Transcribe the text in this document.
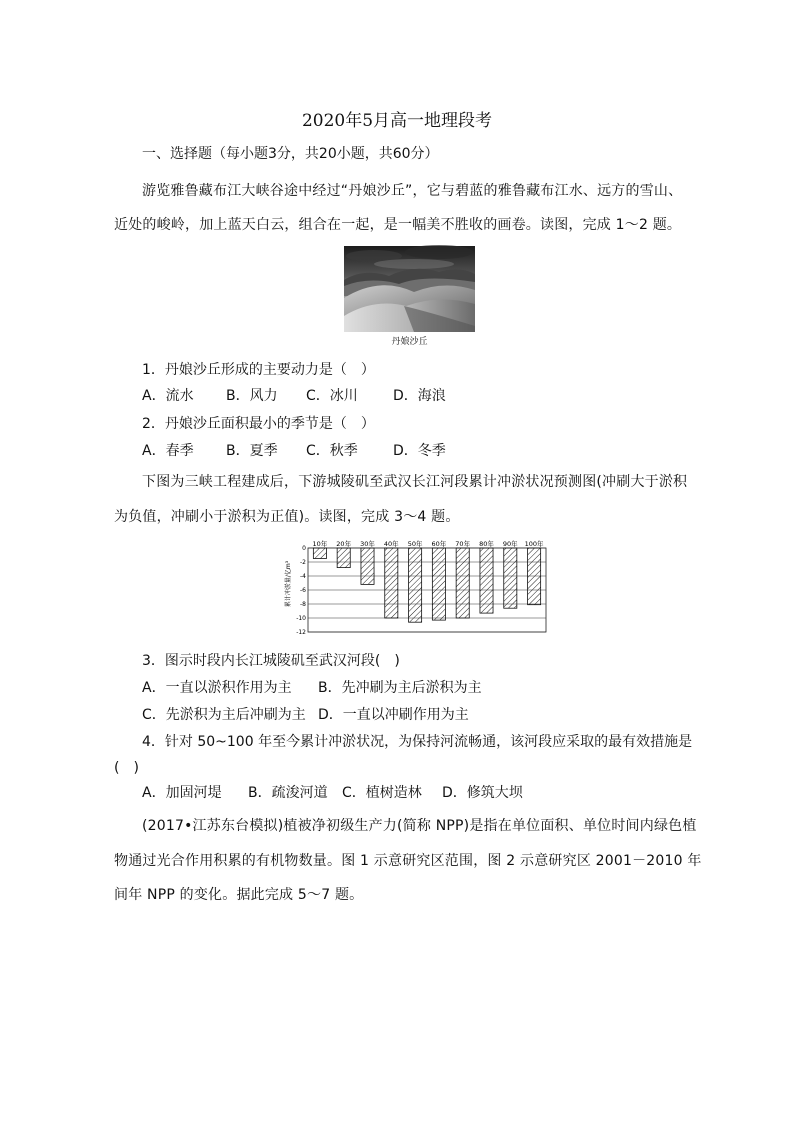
2020年5月高一地理段考
一、选择题（每小题3分，共20小题，共60分）
游览雅鲁藏布江大峡谷途中经过“丹娘沙丘”，它与碧蓝的雅鲁藏布江水、远方的雪山、
近处的峻岭，加上蓝天白云，组合在一起，是一幅美不胜收的画卷。读图，完成 1～2 题。
丹娘沙丘
1．丹娘沙丘形成的主要动力是（　）
A．流水 B．风力 C．冰川	D．海浪
2．丹娘沙丘面积最小的季节是（　）
A．春季 B．夏季 C．秋季	D．冬季
下图为三峡工程建成后，下游城陵矶至武汉长江河段累计冲淤状况预测图(冲刷大于淤积
为负值，冲刷小于淤积为正值)。读图，完成 3～4 题。
0
-2
-4
-6
-8
-10
-12
10年 20年 30年 40年 50年 60年 70年 80年 90年 100年
累计冲淤量/亿m³
3．图示时段内长江城陵矶至武汉河段(　)
A．一直以淤积作用为主 B．先冲刷为主后淤积为主
C．先淤积为主后冲刷为主 D．一直以冲刷作用为主
4．针对 50~100 年至今累计冲淤状况，为保持河流畅通，该河段应采取的最有效措施是
(　)
A．加固河堤 B．疏浚河道 C．植树造林 D．修筑大坝
(2017•江苏东台模拟)植被净初级生产力(简称 NPP)是指在单位面积、单位时间内绿色植
物通过光合作用积累的有机物数量。图 1 示意研究区范围，图 2 示意研究区 2001－2010 年
间年 NPP 的变化。据此完成 5～7 题。
